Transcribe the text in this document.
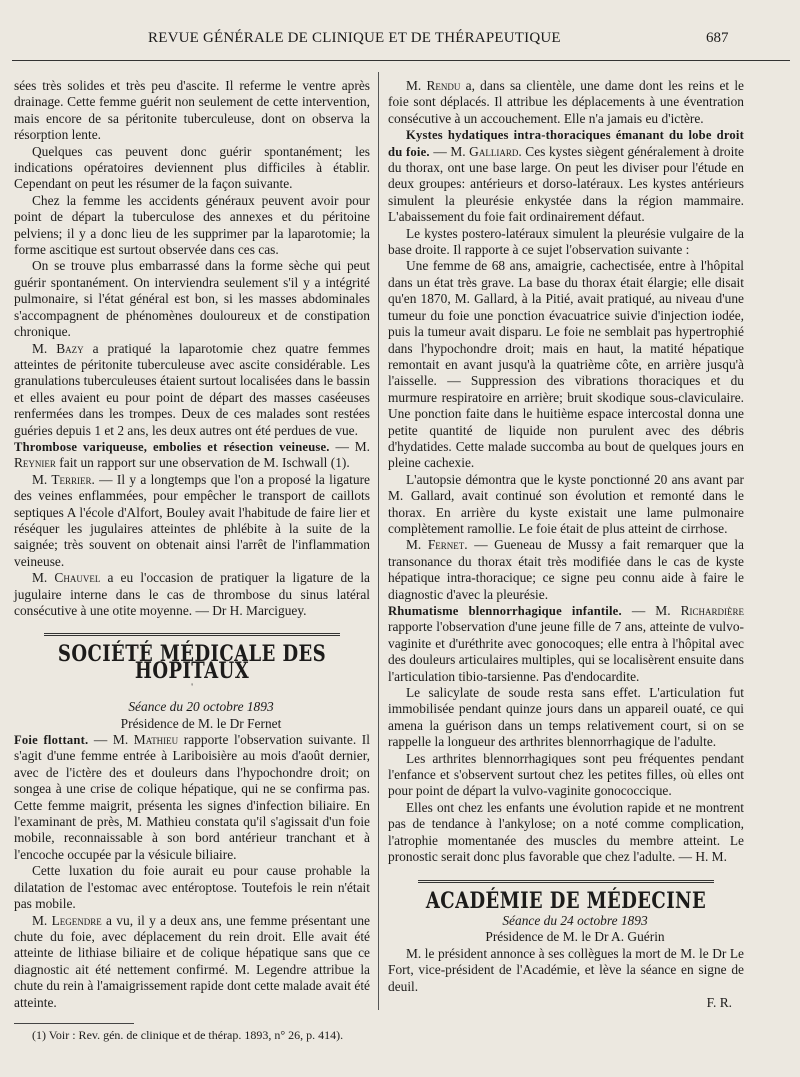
REVUE GÉNÉRALE DE CLINIQUE ET DE THÉRAPEUTIQUE	687

sées très solides et très peu d'ascite. Il referme le ventre après drainage. Cette femme guérit non seulement de cette intervention, mais encore de sa péritonite tuberculeuse, dont on observa la résorption lente.

Quelques cas peuvent donc guérir spontanément; les indications opératoires deviennent plus difficiles à établir. Cependant on peut les résumer de la façon suivante.

Chez la femme les accidents généraux peuvent avoir pour point de départ la tuberculose des annexes et du péritoine pelviens; il y a donc lieu de les supprimer par la laparotomie; la forme ascitique est surtout observée dans ces cas.

On se trouve plus embarrassé dans la forme sèche qui peut guérir spontanément. On interviendra seulement s'il y a intégrité pulmonaire, si l'état général est bon, si les masses abdominales s'accompagnent de phénomènes douloureux et de constipation chronique.

M. Bazy a pratiqué la laparotomie chez quatre femmes atteintes de péritonite tuberculeuse avec ascite considérable. Les granulations tuberculeuses étaient surtout localisées dans le bassin et elles avaient eu pour point de départ des masses caséeuses renfermées dans les trompes. Deux de ces malades sont restées guéries depuis 1 et 2 ans, les deux autres ont été perdues de vue.

Thrombose variqueuse, embolies et résection veineuse. — M. Reynier fait un rapport sur une observation de M. Ischwall (1).

M. Terrier. — Il y a longtemps que l'on a proposé la ligature des veines enflammées, pour empêcher le transport de caillots septiques A l'école d'Alfort, Bouley avait l'habitude de faire lier et réséquer les jugulaires atteintes de phlébite à la suite de la saignée; très souvent on obtenait ainsi l'arrêt de l'inflammation veineuse.

M. Chauvel a eu l'occasion de pratiquer la ligature de la jugulaire interne dans le cas de thrombose du sinus latéral consécutive à une otite moyenne. — Dr H. Marciguey.

SOCIÉTÉ MÉDICALE DES HOPITAUX
'

Séance du 20 octobre 1893

Présidence de M. le Dr Fernet

Foie flottant. — M. Mathieu rapporte l'observation suivante. Il s'agit d'une femme entrée à Lariboisière au mois d'août dernier, avec de l'ictère des et douleurs dans l'hypochondre droit; on songea à une crise de colique hépatique, qui ne se confirma pas. Cette femme maigrit, présenta les signes d'infection biliaire. En l'examinant de près, M. Mathieu constata qu'il s'agissait d'un foie mobile, reconnaissable à son bord antérieur tranchant et à l'encoche occupée par la vésicule biliaire.

Cette luxation du foie aurait eu pour cause prohable la dilatation de l'estomac avec entéroptose. Toutefois le rein n'était pas mobile.

M. Legendre a vu, il y a deux ans, une femme présentant une chute du foie, avec déplacement du rein droit. Elle avait été atteinte de lithiase biliaire et de colique hépatique sans que ce diagnostic ait été nettement confirmé. M. Legendre attribue la chute du rein à l'amaigrissement rapide dont cette malade avait été atteinte.

(1) Voir : Rev. gén. de clinique et de thérap. 1893, n° 26, p. 414).

M. Rendu a, dans sa clientèle, une dame dont les reins et le foie sont déplacés. Il attribue les déplacements à une éventration consécutive à un accouchement. Elle n'a jamais eu d'ictère.

Kystes hydatiques intra-thoraciques émanant du lobe droit du foie. — M. Galliard. Ces kystes siègent généralement à droite du thorax, ont une base large. On peut les diviser pour l'étude en deux groupes: antérieurs et dorso-latéraux. Les kystes antérieurs simulent la pleurésie enkystée dans la région mammaire. L'abaissement du foie fait ordinairement défaut.

Le kystes postero-latéraux simulent la pleurésie vulgaire de la base droite. Il rapporte à ce sujet l'observation suivante :

Une femme de 68 ans, amaigrie, cachectisée, entre à l'hôpital dans un état très grave. La base du thorax était élargie; elle disait qu'en 1870, M. Gallard, à la Pitié, avait pratiqué, au niveau d'une tumeur du foie une ponction évacuatrice suivie d'injection iodée, puis la tumeur avait disparu. Le foie ne semblait pas hypertrophié dans l'hypochondre droit; mais en haut, la matité hépatique remontait en avant jusqu'à la quatrième côte, en arrière jusqu'à l'aisselle. — Suppression des vibrations thoraciques et du murmure respiratoire en arrière; bruit skodique sous-claviculaire. Une ponction faite dans le huitième espace intercostal donna une petite quantité de liquide non purulent avec des débris d'hydatides. Cette malade succomba au bout de quelques jours en pleine cachexie.

L'autopsie démontra que le kyste ponctionné 20 ans avant par M. Gallard, avait continué son évolution et remonté dans le thorax. En arrière du kyste existait une lame pulmonaire complètement ramollie. Le foie était de plus atteint de cirrhose.

M. Fernet. — Gueneau de Mussy a fait remarquer que la transonance du thorax était très modifiée dans le cas de kyste hépatique intra-thoracique; ce signe peu connu aide à faire le diagnostic d'avec la pleurésie.

Rhumatisme blennorrhagique infantile. — M. Richardière rapporte l'observation d'une jeune fille de 7 ans, atteinte de vulvo-vaginite et d'uréthrite avec gonocoques; elle entra à l'hôpital avec des douleurs articulaires multiples, qui se localisèrent ensuite dans l'articulation tibio-tarsienne. Pas d'endocardite.

Le salicylate de soude resta sans effet. L'articulation fut immobilisée pendant quinze jours dans un appareil ouaté, ce qui amena la guérison dans un temps relativement court, si on se rappelle la longueur des arthrites blennorrhagique de l'adulte.

Les arthrites blennorrhagiques sont peu fréquentes pendant l'enfance et s'observent surtout chez les petites filles, où elles ont pour point de départ la vulvo-vaginite gonococcique.

Elles ont chez les enfants une évolution rapide et ne montrent pas de tendance à l'ankylose; on a noté comme complication, l'atrophie momentanée des muscles du membre atteint. Le pronostic serait donc plus favorable que chez l'adulte. — H. M.

ACADÉMIE DE MÉDECINE

Séance du 24 octobre 1893

Présidence de M. le Dr A. Guérin

M. le président annonce à ses collègues la mort de M. le Dr Le Fort, vice-président de l'Académie, et lève la séance en signe de deuil.

F. R.
